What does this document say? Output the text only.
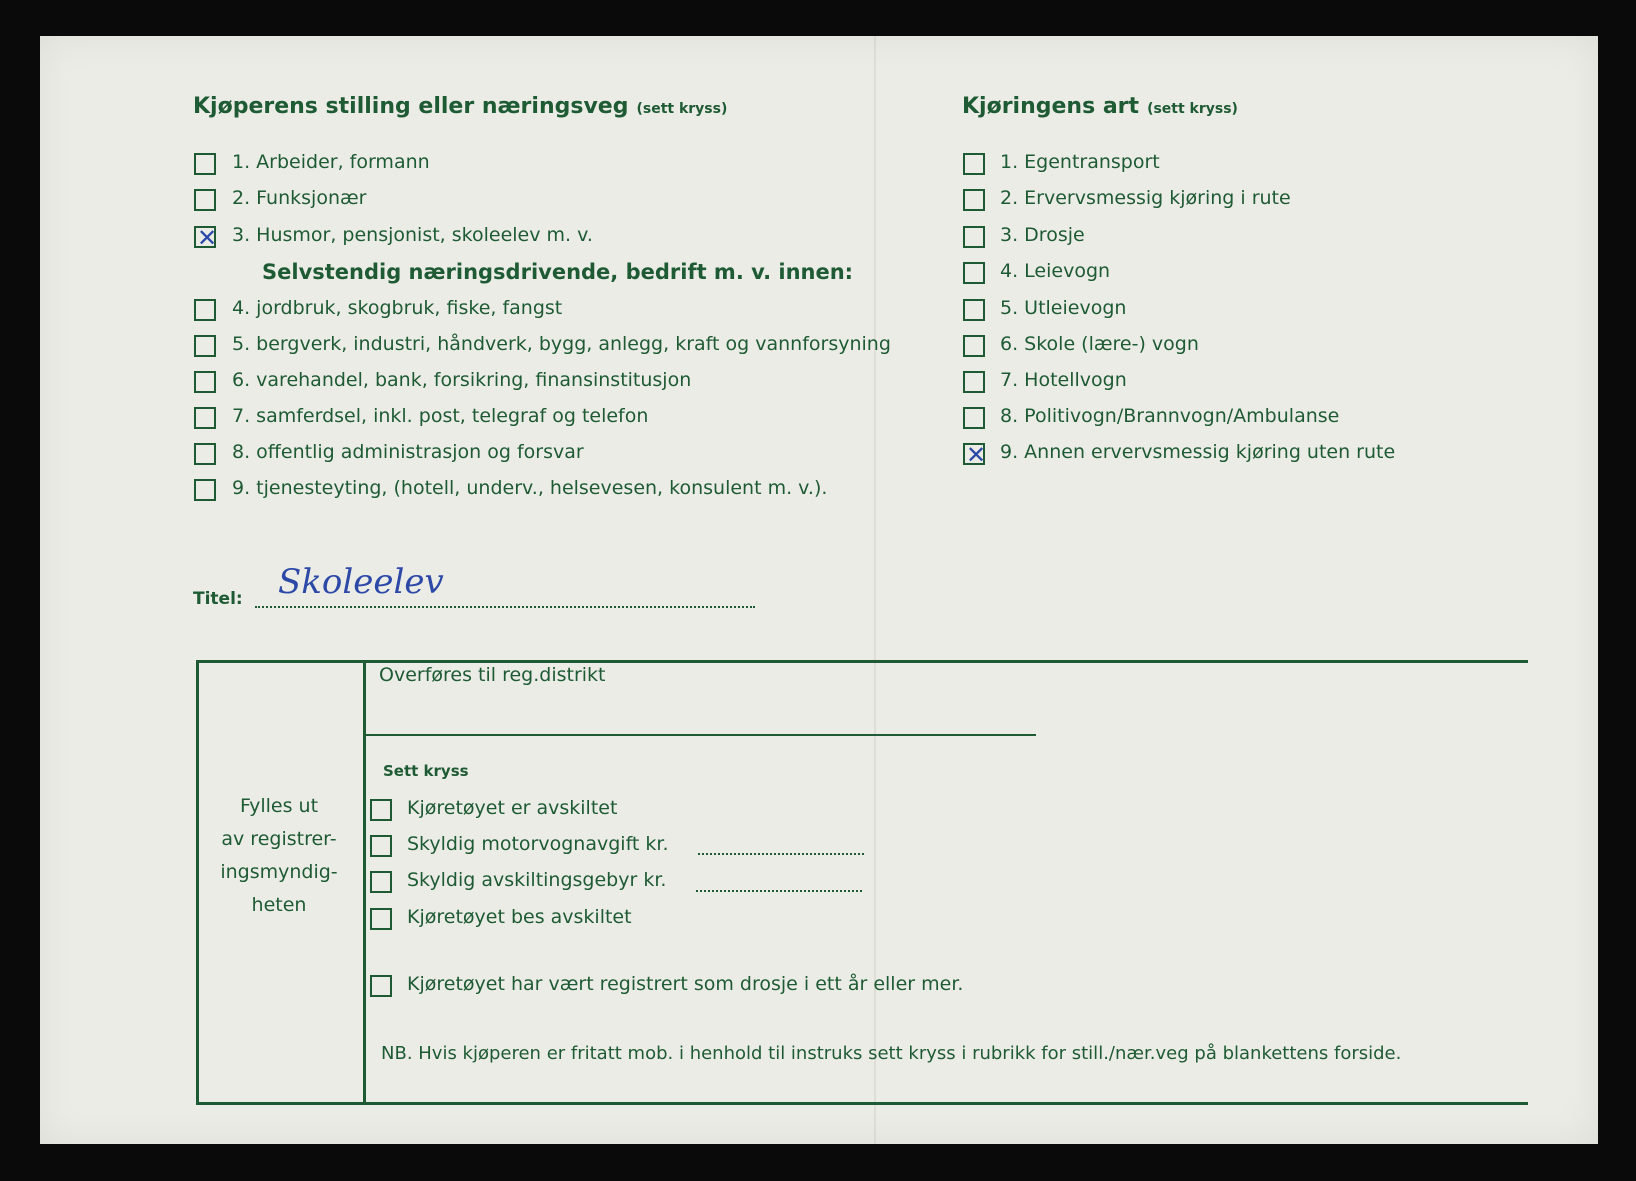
Kjøperens stilling eller næringsveg (sett kryss)
1. Arbeider, formann
2. Funksjonær
✕ 3. Husmor, pensjonist, skoleelev m. v.
4. jordbruk, skogbruk, fiske, fangst
5. bergverk, industri, håndverk, bygg, anlegg, kraft og vannforsyning
6. varehandel, bank, forsikring, finansinstitusjon
7. samferdsel, inkl. post, telegraf og telefon
8. offentlig administrasjon og forsvar
9. tjenesteyting, (hotell, underv., helsevesen, konsulent m. v.).
Selvstendig næringsdrivende, bedrift m. v. innen:
Kjøringens art (sett kryss)
1. Egentransport
2. Ervervsmessig kjøring i rute
3. Drosje
4. Leievogn
5. Utleievogn
6. Skole (lære-) vogn
7. Hotellvogn
8. Politivogn/Brannvogn/Ambulanse
✕ 9. Annen ervervsmessig kjøring uten rute
Titel: Skoleelev
Fylles ut
av registrer-
ingsmyndig-
heten
Overføres til reg.distrikt
Sett kryss
Kjøretøyet er avskiltet
Skyldig motorvognavgift kr.
Skyldig avskiltingsgebyr kr.
Kjøretøyet bes avskiltet
Kjøretøyet har vært registrert som drosje i ett år eller mer.
NB. Hvis kjøperen er fritatt mob. i henhold til instruks sett kryss i rubrikk for still./nær.veg på blankettens forside.
